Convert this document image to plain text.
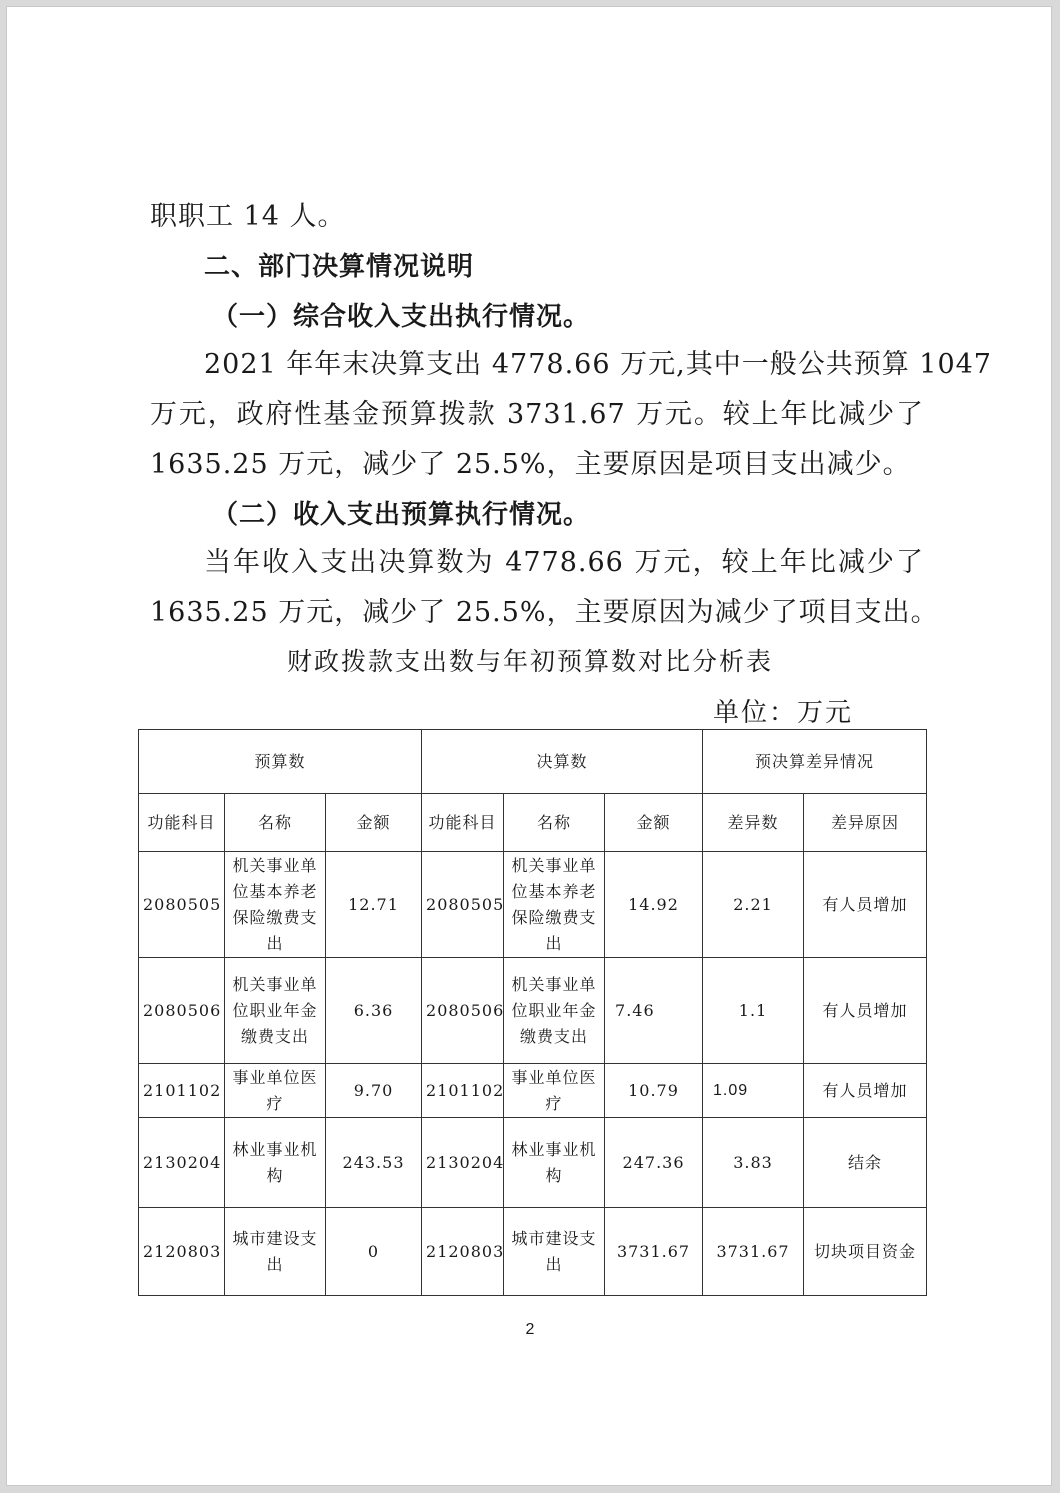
职职工 14 人。
二、部门决算情况说明
（一）综合收入支出执行情况。
2021 年年末决算支出 4778.66 万元,其中一般公共预算 1047
万元，政府性基金预算拨款 3731.67 万元。较上年比减少了
1635.25 万元，减少了 25.5%，主要原因是项目支出减少。
（二）收入支出预算执行情况。
当年收入支出决算数为 4778.66 万元，较上年比减少了
1635.25 万元，减少了 25.5%，主要原因为减少了项目支出。
财政拨款支出数与年初预算数对比分析表
单位：万元
预算数			决算数			预决算差异情况	
功能科目	名称	金额	功能科目	名称	金额	差异数	差异原因
2080505	机关事业单位基本养老保险缴费支出	12.71	2080505	机关事业单位基本养老保险缴费支出	14.92	2.21	有人员增加
2080506	机关事业单位职业年金缴费支出	6.36	2080506	机关事业单位职业年金缴费支出	7.46	1.1	有人员增加
2101102	事业单位医疗	9.70	2101102	事业单位医疗	10.79	1.09	有人员增加
2130204	林业事业机构	243.53	2130204	林业事业机构	247.36	3.83	结余
2120803	城市建设支出	0	2120803	城市建设支出	3731.67	3731.67	切块项目资金
2
